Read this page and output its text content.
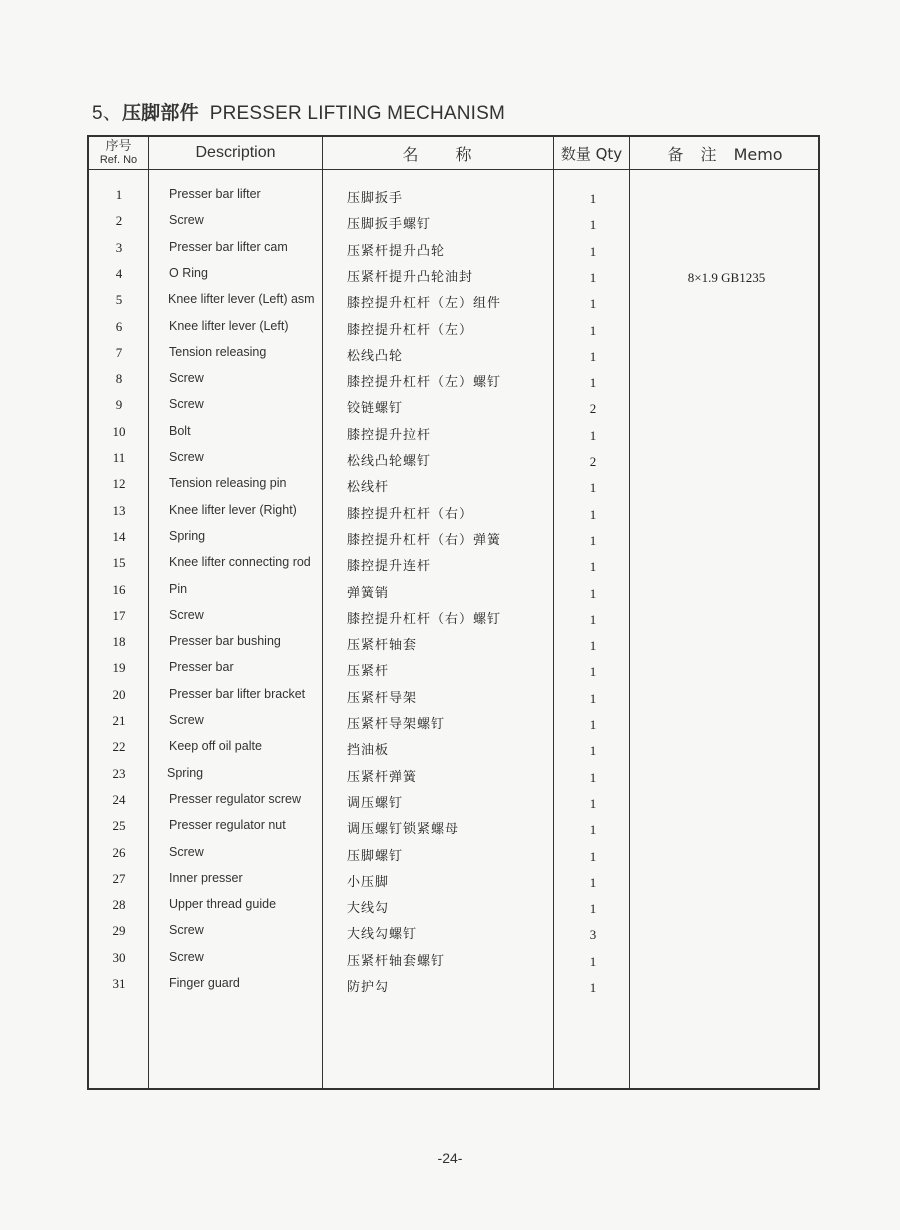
5、压脚部件 PRESSER LIFTING MECHANISM
序号
Ref. No	Description	名 称	数量 Qty	备 注 Memo
1	Presser bar lifter	压脚扳手	1
2	Screw	压脚扳手螺钉	1
3	Presser bar lifter cam	压紧杆提升凸轮	1
4	O Ring	压紧杆提升凸轮油封	1	8×1.9 GB1235
5	Knee lifter lever (Left) asm 膝控提升杠杆（左）组件	1
6	Knee lifter lever (Left)	膝控提升杠杆（左）	1
7	Tension releasing	松线凸轮	1
8	Screw	膝控提升杠杆（左）螺钉	1
9	Screw	铰链螺钉	2
10	Bolt	膝控提升拉杆	1
11	Screw	松线凸轮螺钉	2
12	Tension releasing pin	松线杆	1
13	Knee lifter lever (Right)	膝控提升杠杆（右）	1
14	Spring	膝控提升杠杆（右）弹簧	1
15	Knee lifter connecting rod	膝控提升连杆	1
16	Pin	弹簧销	1
17	Screw	膝控提升杠杆（右）螺钉	1
18	Presser bar bushing	压紧杆轴套	1
19	Presser bar	压紧杆	1
20	Presser bar lifter bracket	压紧杆导架	1
21	Screw	压紧杆导架螺钉	1
22	Keep off oil palte	挡油板	1
23	Spring	压紧杆弹簧	1
24	Presser regulator screw	调压螺钉	1
25	Presser regulator nut	调压螺钉锁紧螺母	1
26	Screw	压脚螺钉	1
27	Inner presser	小压脚	1
28	Upper thread guide	大线勾	1
29	Screw	大线勾螺钉	3
30	Screw	压紧杆轴套螺钉	1
31	Finger guard	防护勾	1
-24-
